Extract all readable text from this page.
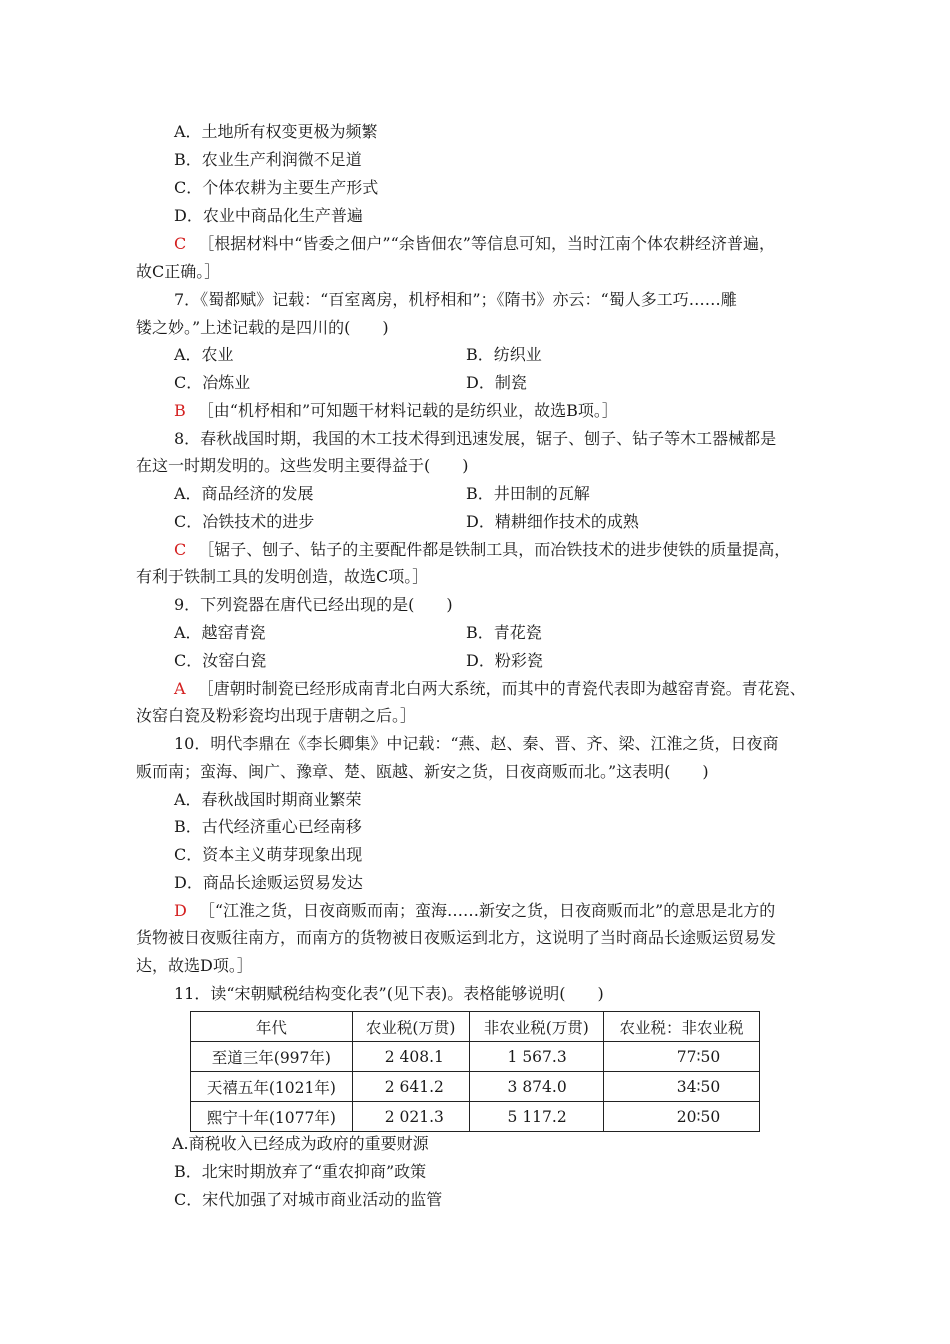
A．土地所有权变更极为频繁
B．农业生产利润微不足道
C．个体农耕为主要生产形式
D．农业中商品化生产普遍
C ［根据材料中“皆委之佃户”“余皆佃农”等信息可知，当时江南个体农耕经济普遍，
故C正确。］
7．《蜀都赋》记载：“百室离房，机杼相和”；《隋书》亦云：“蜀人多工巧……雕
镂之妙。”上述记载的是四川的(　　)
A．农业	B．纺织业
C．冶炼业	D．制瓷
B ［由“机杼相和”可知题干材料记载的是纺织业，故选B项。］
8．春秋战国时期，我国的木工技术得到迅速发展，锯子、刨子、钻子等木工器械都是
在这一时期发明的。这些发明主要得益于(　　)
A．商品经济的发展	B．井田制的瓦解
C．冶铁技术的进步	D．精耕细作技术的成熟
C ［锯子、刨子、钻子的主要配件都是铁制工具，而冶铁技术的进步使铁的质量提高，
有利于铁制工具的发明创造，故选C项。］
9．下列瓷器在唐代已经出现的是(　　)
A．越窑青瓷	B．青花瓷
C．汝窑白瓷	D．粉彩瓷
A ［唐朝时制瓷已经形成南青北白两大系统，而其中的青瓷代表即为越窑青瓷。青花瓷、
汝窑白瓷及粉彩瓷均出现于唐朝之后。］
10．明代李鼎在《李长卿集》中记载：“燕、赵、秦、晋、齐、梁、江淮之货，日夜商
贩而南；蛮海、闽广、豫章、楚、瓯越、新安之货，日夜商贩而北。”这表明(　　)
A．春秋战国时期商业繁荣
B．古代经济重心已经南移
C．资本主义萌芽现象出现
D．商品长途贩运贸易发达
D ［“江淮之货，日夜商贩而南；蛮海……新安之货，日夜商贩而北”的意思是北方的
货物被日夜贩往南方，而南方的货物被日夜贩运到北方，这说明了当时商品长途贩运贸易发
达，故选D项。］
11．读“宋朝赋税结构变化表”(见下表)。表格能够说明(　　)
年代	农业税(万贯)	非农业税(万贯)	农业税：非农业税
至道三年(997年)	2 408.1	1 567.3	77∶50
天禧五年(1021年)	2 641.2	3 874.0	34∶50
熙宁十年(1077年)	2 021.3	5 117.2	20∶50
A.商税收入已经成为政府的重要财源
B．北宋时期放弃了“重农抑商”政策
C．宋代加强了对城市商业活动的监管
